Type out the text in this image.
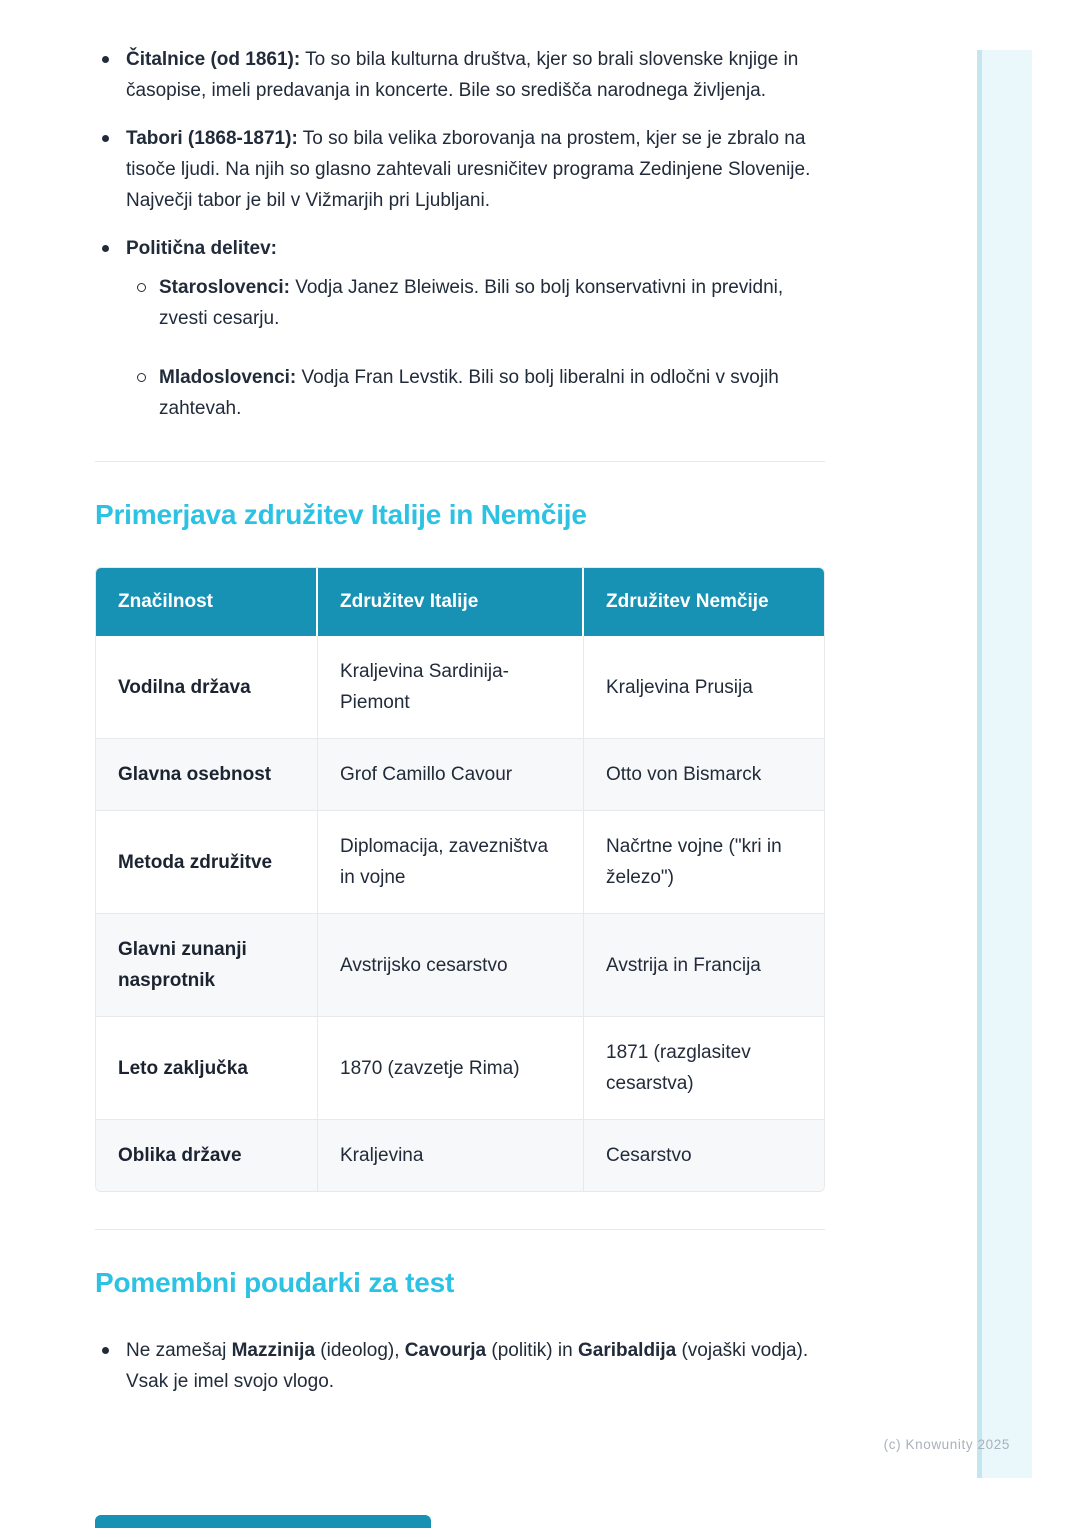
Čitalnice (od 1861): To so bila kulturna društva, kjer so brali slovenske knjige in časopise, imeli predavanja in koncerte. Bile so središča narodnega življenja.
Tabori (1868-1871): To so bila velika zborovanja na prostem, kjer se je zbralo na tisoče ljudi. Na njih so glasno zahtevali uresničitev programa Zedinjene Slovenije. Največji tabor je bil v Vižmarjih pri Ljubljani.
Politična delitev:
Staroslovenci: Vodja Janez Bleiweis. Bili so bolj konservativni in previdni, zvesti cesarju.
Mladoslovenci: Vodja Fran Levstik. Bili so bolj liberalni in odločni v svojih zahtevah.
Primerjava združitev Italije in Nemčije
Značilnost	Združitev Italije	Združitev Nemčije
Vodilna država	Kraljevina Sardinija-Piemont	Kraljevina Prusija
Glavna osebnost	Grof Camillo Cavour	Otto von Bismarck
Metoda združitve	Diplomacija, zavezništva in vojne	Načrtne vojne ("kri in železo")
Glavni zunanji nasprotnik	Avstrijsko cesarstvo	Avstrija in Francija
Leto zaključka	1870 (zavzetje Rima)	1871 (razglasitev cesarstva)
Oblika države	Kraljevina	Cesarstvo
Pomembni poudarki za test
Ne zamešaj Mazzinija (ideolog), Cavourja (politik) in Garibaldija (vojaški vodja). Vsak je imel svojo vlogo.
(c) Knowunity 2025
